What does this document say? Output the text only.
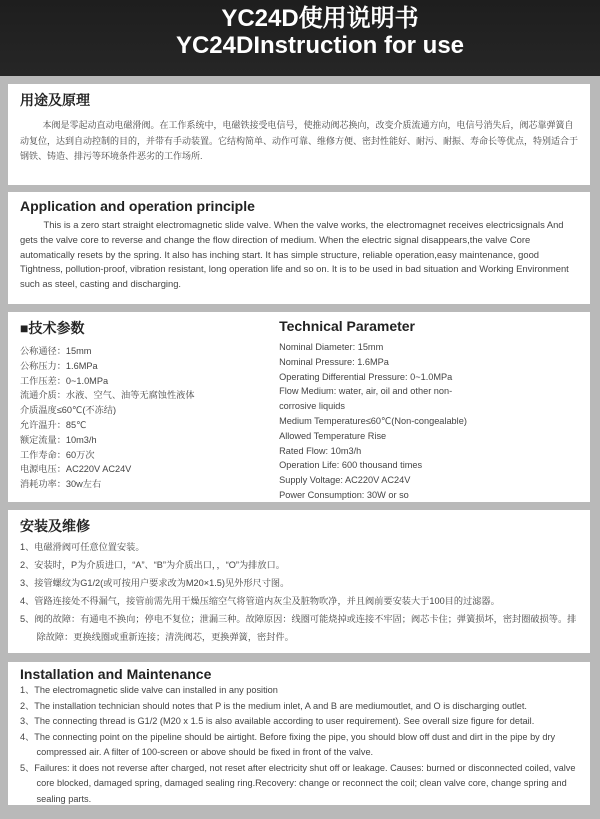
YC24D使用说明书
YC24DInstruction for use
用途及原理
本阀是零起动直动电磁滑阀。在工作系统中，电磁铁接受电信号，使推动阀芯换向，改变介质流通方向，电信号消失后，阀芯靠弹簧自动复位，达到自动控制的目的，并带有手动装置。它结构简单、动作可靠、维修方便、密封性能好、耐污、耐振、寿命长等优点，特别适合于钢铁、铸造、排污等环境条件恶劣的工作场所.
Application and operation principle
This is a zero start straight electromagnetic slide valve. When the valve works, the electromagnet receives electricsignals And gets the valve core to reverse and change the flow direction of medium. When the electric signal disappears,the valve Core automatically resets by the spring. It also has inching start. It has simple structure, reliable operation,easy maintenance, good Tightness, pollution-proof, vibration resistant, long operation life and so on. It is to be used in bad situation and Working Environment such as steel, casting and discharging.
■技术参数
公称通径：15mm
公称压力：1.6MPa
工作压差：0~1.0MPa
流通介质：水液、空气、油等无腐蚀性液体
介质温度≤60℃(不冻结)
允许温升：85℃
额定流量：10m3/h
工作寿命：60万次
电源电压：AC220V AC24V
消耗功率：30w左右
Technical Parameter
Nominal Diameter: 15mm
Nominal Pressure: 1.6MPa
Operating Differential Pressure: 0~1.0MPa
Flow Medium: water, air, oil and other non-
corrosive liquids
Medium Temperature≤60℃(Non-congealable)
Allowed Temperature Rise
Rated Flow: 10m3/h
Operation Life: 600 thousand times
Supply Voltage: AC220V AC24V
Power Consumption: 30W or so
安装及维修
1、电磁滑阀可任意位置安装。
2、安装时，P为介质进口，“A”、“B”为介质出口，，“O”为排放口。
3、接管螺纹为G1/2(或可按用户要求改为M20×1.5)见外形尺寸图。
4、管路连接处不得漏气，接管前需先用干燥压缩空气将管道内灰尘及脏物吹净，并且阀前要安装大于100目的过滤器。
5、阀的故障：有通电不换向；停电不复位；泄漏三种。故障原因：线圈可能烧掉或连接不牢固；阀芯卡住；弹簧损坏，密封圈破损等。排除故障：更换线圈或重新连接；清洗阀芯，更换弹簧，密封件。
Installation and Maintenance
1、The electromagnetic slide valve can installed in any position
2、The installation technician should notes that P is the medium inlet, A and B are mediumoutlet, and O is discharging outlet.
3、The connecting thread is G1/2 (M20 x 1.5 is also available according to user requirement). See overall size figure for detail.
4、The connecting point on the pipeline should be airtight. Before fixing the pipe, you should blow off dust and dirt in the pipe by dry compressed air. A filter of 100-screen or above should be fixed in front of the valve.
5、Failures: it does not reverse after charged, not reset after electricity shut off or leakage. Causes: burned or disconnected coiled, valve core blocked, damaged spring, damaged sealing ring.Recovery: change or reconnect the coil; clean valve core, change spring and sealing parts.
